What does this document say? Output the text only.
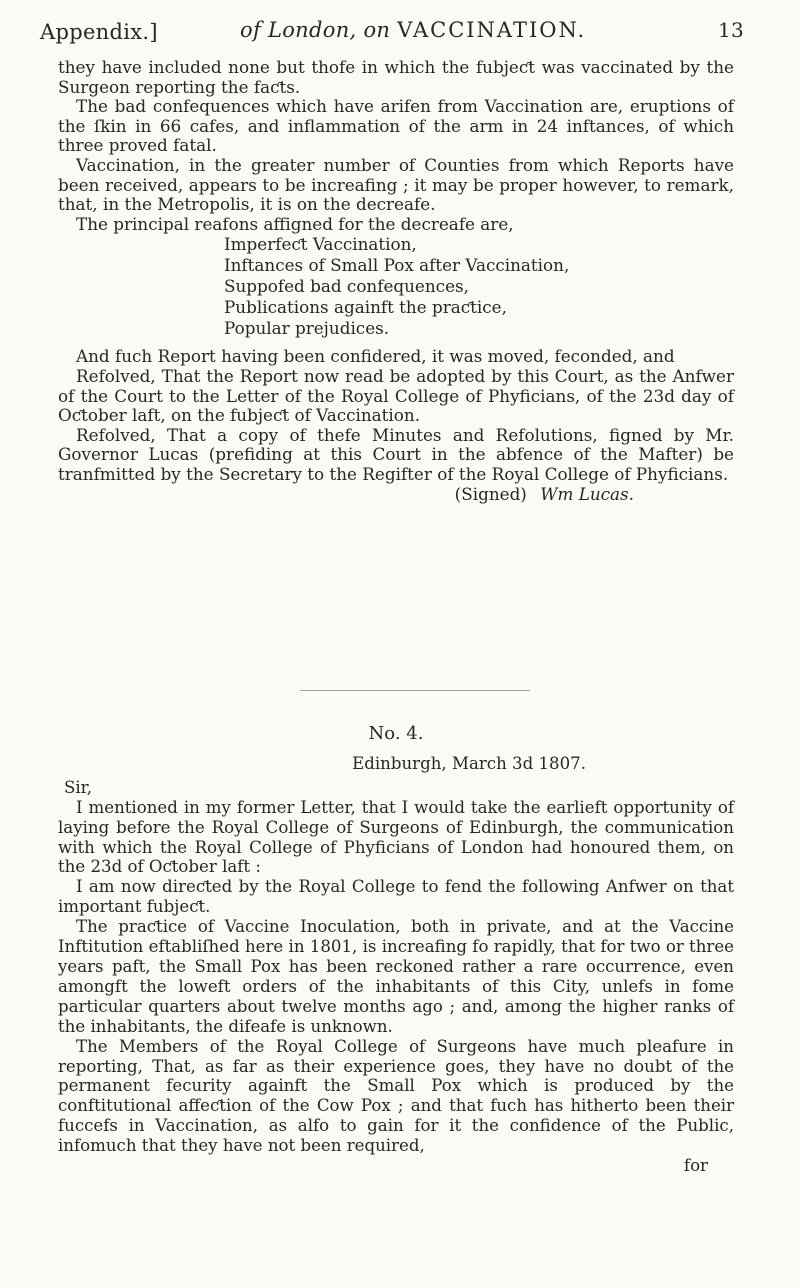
Appendix.]	of London, on VACCINATION.	13

they have included none but thofe in which the fubjeƈt was vaccinated by the Surgeon reporting the faƈts.

The bad confequences which have arifen from Vaccination are, eruptions of the ſkin in 66 cafes, and inflammation of the arm in 24 inftances, of which three proved fatal.

Vaccination, in the greater number of Counties from which Reports have been received, appears to be increafing ; it may be proper however, to remark, that, in the Metropolis, it is on the decreafe.

The principal reafons affigned for the decreafe are,

Imperfeƈt Vaccination,
Inftances of Small Pox after Vaccination,
Suppofed bad confequences,
Publications againft the praƈtice,
Popular prejudices.

And fuch Report having been confidered, it was moved, feconded, and

Refolved, That the Report now read be adopted by this Court, as the Anfwer of the Court to the Letter of the Royal College of Phyficians, of the 23d day of Oƈtober laft, on the fubjeƈt of Vaccination.

Refolved, That a copy of thefe Minutes and Refolutions, figned by Mr. Governor Lucas (prefiding at this Court in the abfence of the Mafter) be tranfmitted by the Secretary to the Regifter of the Royal College of Phyficians.

(Signed) Wm Lucas.

No. 4.

Edinburgh, March 3d 1807.

Sir,

I mentioned in my former Letter, that I would take the earlieft opportunity of laying before the Royal College of Surgeons of Edinburgh, the communication with which the Royal College of Phyficians of London had honoured them, on the 23d of Oƈtober laft :

I am now direƈted by the Royal College to fend the following Anfwer on that important fubjeƈt.

The praƈtice of Vaccine Inoculation, both in private, and at the Vaccine Inftitution eftabliſhed here in 1801, is increafing fo rapidly, that for two or three years paft, the Small Pox has been reckoned rather a rare occurrence, even amongft the loweft orders of the inhabitants of this City, unlefs in fome particular quarters about twelve months ago ; and, among the higher ranks of the inhabitants, the difeafe is unknown.

The Members of the Royal College of Surgeons have much pleafure in reporting, That, as far as their experience goes, they have no doubt of the permanent fecurity againft the Small Pox which is produced by the conftitutional affeƈtion of the Cow Pox ; and that fuch has hitherto been their fuccefs in Vaccination, as alfo to gain for it the confidence of the Public, infomuch that they have not been required,

for
